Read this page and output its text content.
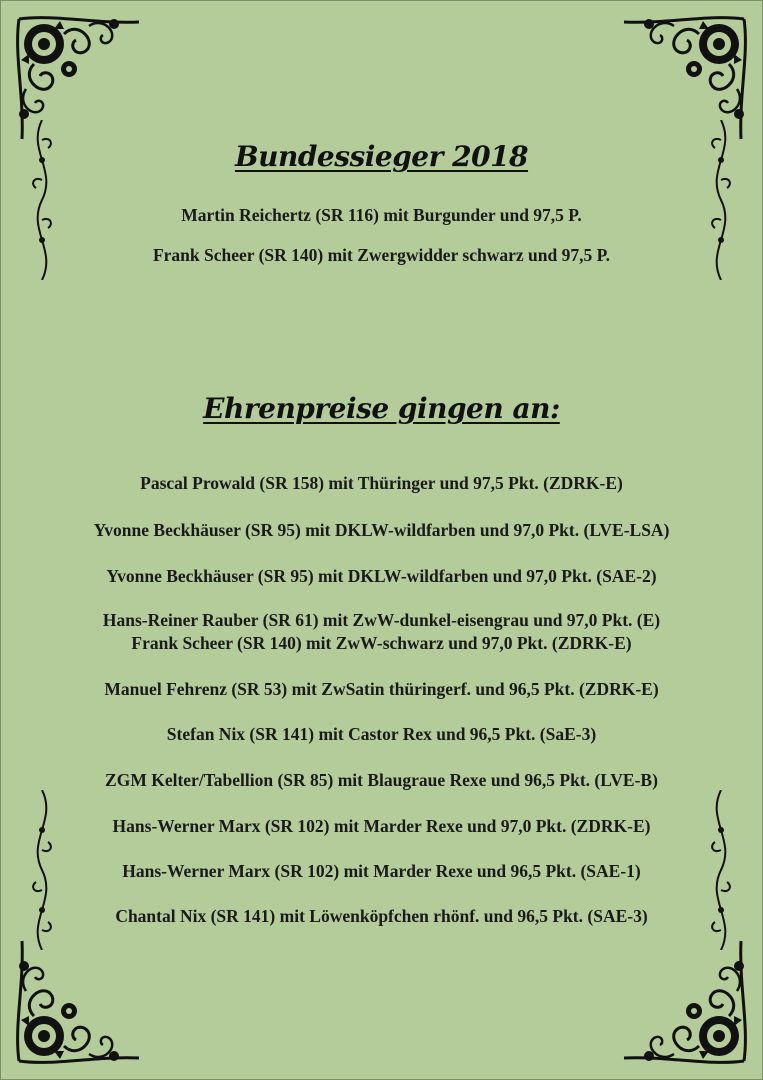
Bundessieger 2018
Martin Reichertz (SR 116) mit Burgunder und 97,5 P.
Frank Scheer (SR 140) mit Zwergwidder schwarz und 97,5 P.
Ehrenpreise gingen an:
Pascal Prowald (SR 158) mit Thüringer und 97,5 Pkt. (ZDRK-E)
Yvonne Beckhäuser (SR 95) mit DKLW-wildfarben und 97,0 Pkt. (LVE-LSA)
Yvonne Beckhäuser (SR 95) mit DKLW-wildfarben und 97,0 Pkt. (SAE-2)
Hans-Reiner Rauber (SR 61) mit ZwW-dunkel-eisengrau und 97,0 Pkt. (E)
Frank Scheer (SR 140) mit ZwW-schwarz und 97,0 Pkt. (ZDRK-E)
Manuel Fehrenz (SR 53) mit ZwSatin thüringerf. und 96,5 Pkt. (ZDRK-E)
Stefan Nix (SR 141) mit Castor Rex und 96,5 Pkt. (SaE-3)
ZGM Kelter/Tabellion (SR 85) mit Blaugraue Rexe und 96,5 Pkt. (LVE-B)
Hans-Werner Marx (SR 102) mit Marder Rexe und 97,0 Pkt. (ZDRK-E)
Hans-Werner Marx (SR 102) mit Marder Rexe und 96,5 Pkt. (SAE-1)
Chantal Nix (SR 141) mit Löwenköpfchen rhönf. und 96,5 Pkt. (SAE-3)
